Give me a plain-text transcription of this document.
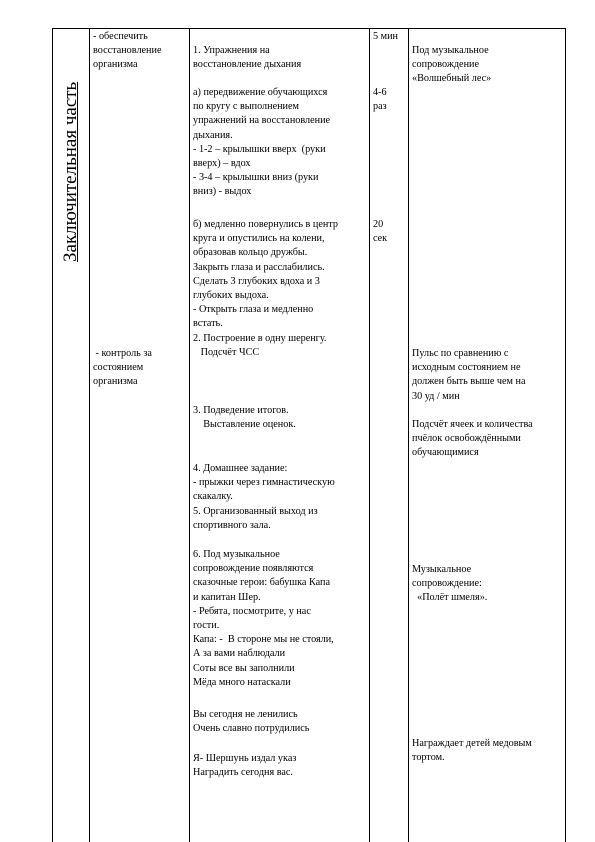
Заключительная часть
- обеспечить
восстановление
организма
- контроль за
состоянием
организма
1. Упражнения на
восстановление дыхания
а) передвижение обучающихся
по кругу с выполнением
упражнений на восстановление
дыхания.
- 1-2 – крылышки вверх  (руки
вверх) – вдох
- 3-4 – крылышки вниз (руки
вниз) - выдох
б) медленно повернулись в центр
круга и опустились на колени,
образовав кольцо дружбы.
Закрыть глаза и расслабились.
Сделать 3 глубоких вдоха и 3
глубоких выдоха.
- Открыть глаза и медленно
встать.
2. Построение в одну шеренгу.
Подсчёт ЧСС
3. Подведение итогов.
Выставление оценок.
4. Домашнее задание:
- прыжки через гимнастическую
скакалку.
5. Организованный выход из
спортивного зала.
6. Под музыкальное
сопровождение появляются
сказочные герои: бабушка Капа
и капитан Шер.
- Ребята, посмотрите, у нас
гости.
Капа: -  В стороне мы не стояли,
А за вами наблюдали
Соты все вы заполнили
Мёда много натаскали
Вы сегодня не ленились
Очень славно потрудились
Я- Шершунь издал указ
Наградить сегодня вас.
5 мин
4-6
раз
20
сек
Под музыкальное
сопровождение
«Волшебный лес»
Пульс по сравнению с
исходным состоянием не
должен быть выше чем на
30 уд / мин
Подсчёт ячеек и количества
пчёлок освобождёнными
обучающимися
Музыкальное
сопровождение:
«Полёт шмеля».
Награждает детей медовым
тортом.
